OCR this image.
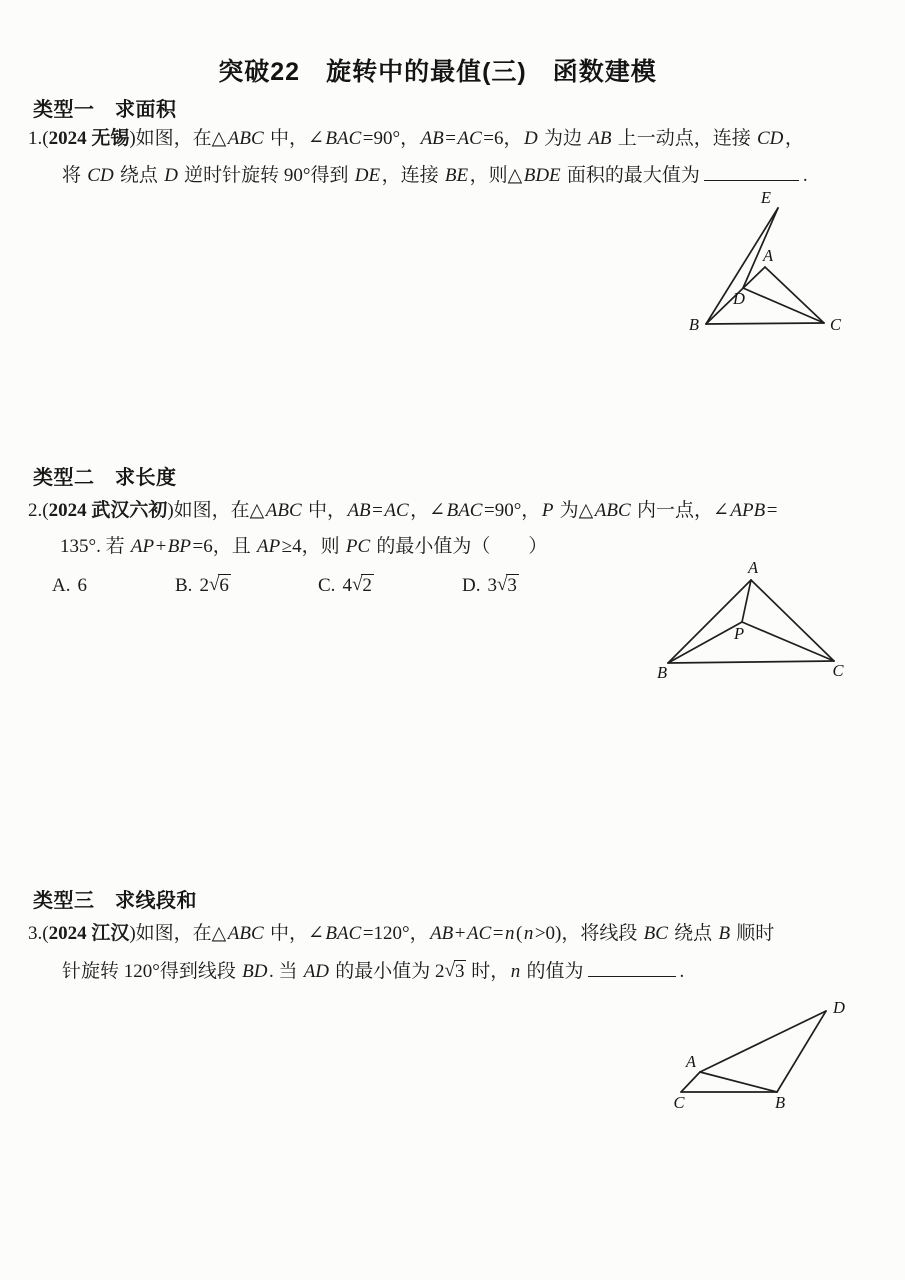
突破22　旋转中的最值(三)　函数建模
类型一　求面积
1.(2024 无锡)如图，在△ABC 中，∠BAC=90°，AB=AC=6，D 为边 AB 上一动点，连接 CD，
将 CD 绕点 D 逆时针旋转 90°得到 DE，连接 BE，则△BDE 面积的最大值为	.
E
A
D
B	C
类型二　求长度
2.(2024 武汉六初)如图，在△ABC 中，AB=AC，∠BAC=90°，P 为△ABC 内一点，∠APB=
135°. 若 AP+BP=6，且 AP≥4，则 PC 的最小值为（　　）
A. 6	B. 2√6	C. 4√2	D. 3√3
A
P
B	C
类型三　求线段和
3.(2024 江汉)如图，在△ABC 中，∠BAC=120°，AB+AC=n(n>0)，将线段 BC 绕点 B 顺时
针旋转 120°得到线段 BD. 当 AD 的最小值为 2√3 时，n 的值为	.
D
A
C	B
